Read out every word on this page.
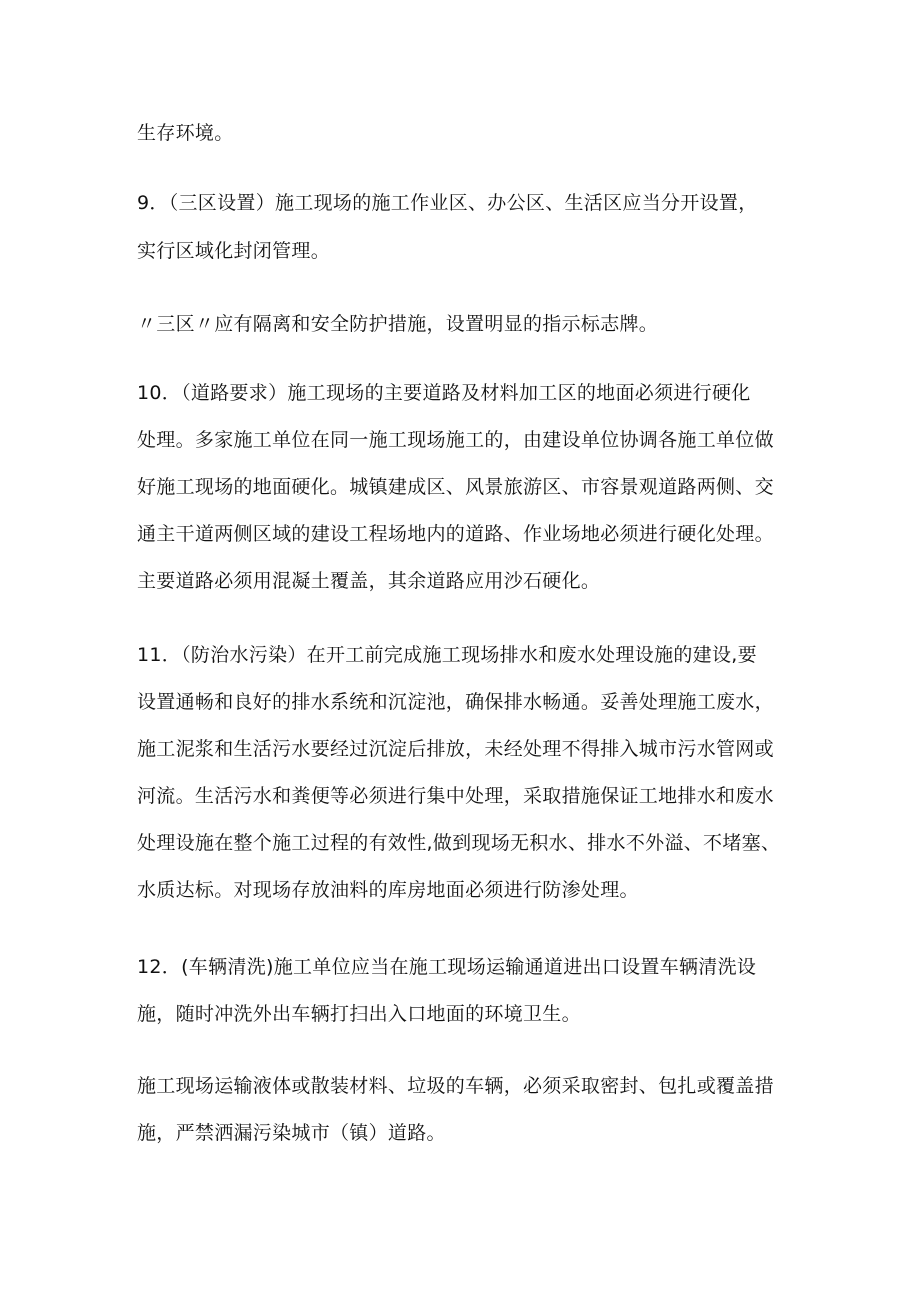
生存环境。
9．（三区设置）施工现场的施工作业区、办公区、生活区应当分开设置，
实行区域化封闭管理。
〃三区〃应有隔离和安全防护措施，设置明显的指示标志牌。
10．（道路要求）施工现场的主要道路及材料加工区的地面必须进行硬化
处理。多家施工单位在同一施工现场施工的，由建设单位协调各施工单位做
好施工现场的地面硬化。城镇建成区、风景旅游区、市容景观道路两侧、交
通主干道两侧区域的建设工程场地内的道路、作业场地必须进行硬化处理。
主要道路必须用混凝土覆盖，其余道路应用沙石硬化。
11．（防治水污染）在开工前完成施工现场排水和废水处理设施的建设,要
设置通畅和良好的排水系统和沉淀池，确保排水畅通。妥善处理施工废水，
施工泥浆和生活污水要经过沉淀后排放，未经处理不得排入城市污水管网或
河流。生活污水和粪便等必须进行集中处理，采取措施保证工地排水和废水
处理设施在整个施工过程的有效性,做到现场无积水、排水不外溢、不堵塞、
水质达标。对现场存放油料的库房地面必须进行防渗处理。
12．(车辆清洗)施工单位应当在施工现场运输通道进出口设置车辆清洗设
施，随时冲洗外出车辆打扫出入口地面的环境卫生。
施工现场运输液体或散装材料、垃圾的车辆，必须采取密封、包扎或覆盖措
施，严禁洒漏污染城市（镇）道路。
